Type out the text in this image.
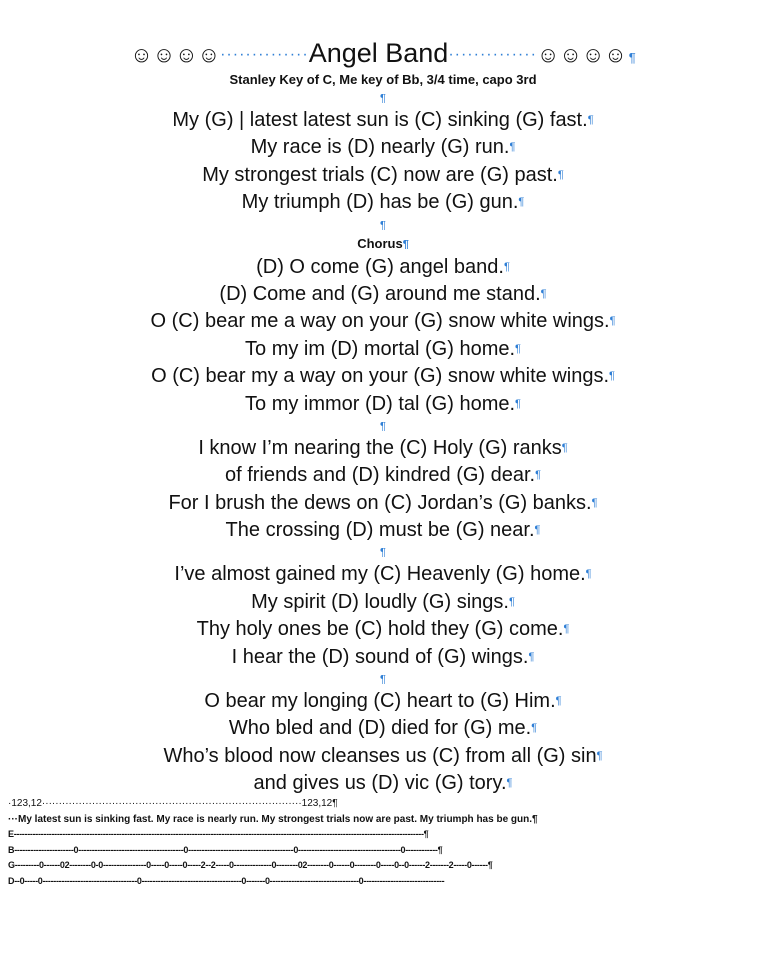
☺☺☺☺··············Angel Band··············☺☺☺☺ ¶
Stanley Key of C, Me key of Bb, 3/4 time, capo 3rd
¶
My (G) | latest latest sun is (C) sinking (G) fast.¶
My race is (D) nearly (G) run.¶
My strongest trials (C) now are (G) past.¶
My triumph (D) has be (G) gun.¶
¶
Chorus¶
(D) O come (G) angel band.¶
(D) Come and (G) around me stand.¶
O (C) bear me a way on your (G) snow white wings.¶
To my im (D) mortal (G) home.¶
O (C) bear my a way on your (G) snow white wings.¶
To my immor (D) tal (G) home.¶
¶
I know I’m nearing the (C) Holy (G) ranks¶
of friends and (D) kindred (G) dear.¶
For I brush the dews on (C) Jordan’s (G) banks.¶
The crossing (D) must be (G) near.¶
¶
I’ve almost gained my (C) Heavenly (G) home.¶
My spirit (D) loudly (G) sings.¶
Thy holy ones be (C) hold they (G) come.¶
I hear the (D) sound of (G) wings.¶
¶
O bear my longing (C) heart to (G) Him.¶
Who bled and (D) died for (G) me.¶
Who’s blood now cleanses us (C) from all (G) sin¶
and gives us (D) vic (G) tory.¶
·123,12··············································································123,12¶
···My latest sun is sinking fast. My race is nearly run. My strongest trials now are past. My triumph has be gun.¶
E--------------------------------------------------------------------------------------------------------------------------------------------------------¶
B----------------------0---------------------------------------0---------------------------------------0--------------------------------------0------------¶
G---------0------02--------0-0----------------0-----0-----0-----2--2-----0--------------0--------02--------0------0--------0-----0--0------2-------2-----0------¶
D--0-----0-----------------------------------0-------------------------------------0-------0---------------------------------0------------------------------
